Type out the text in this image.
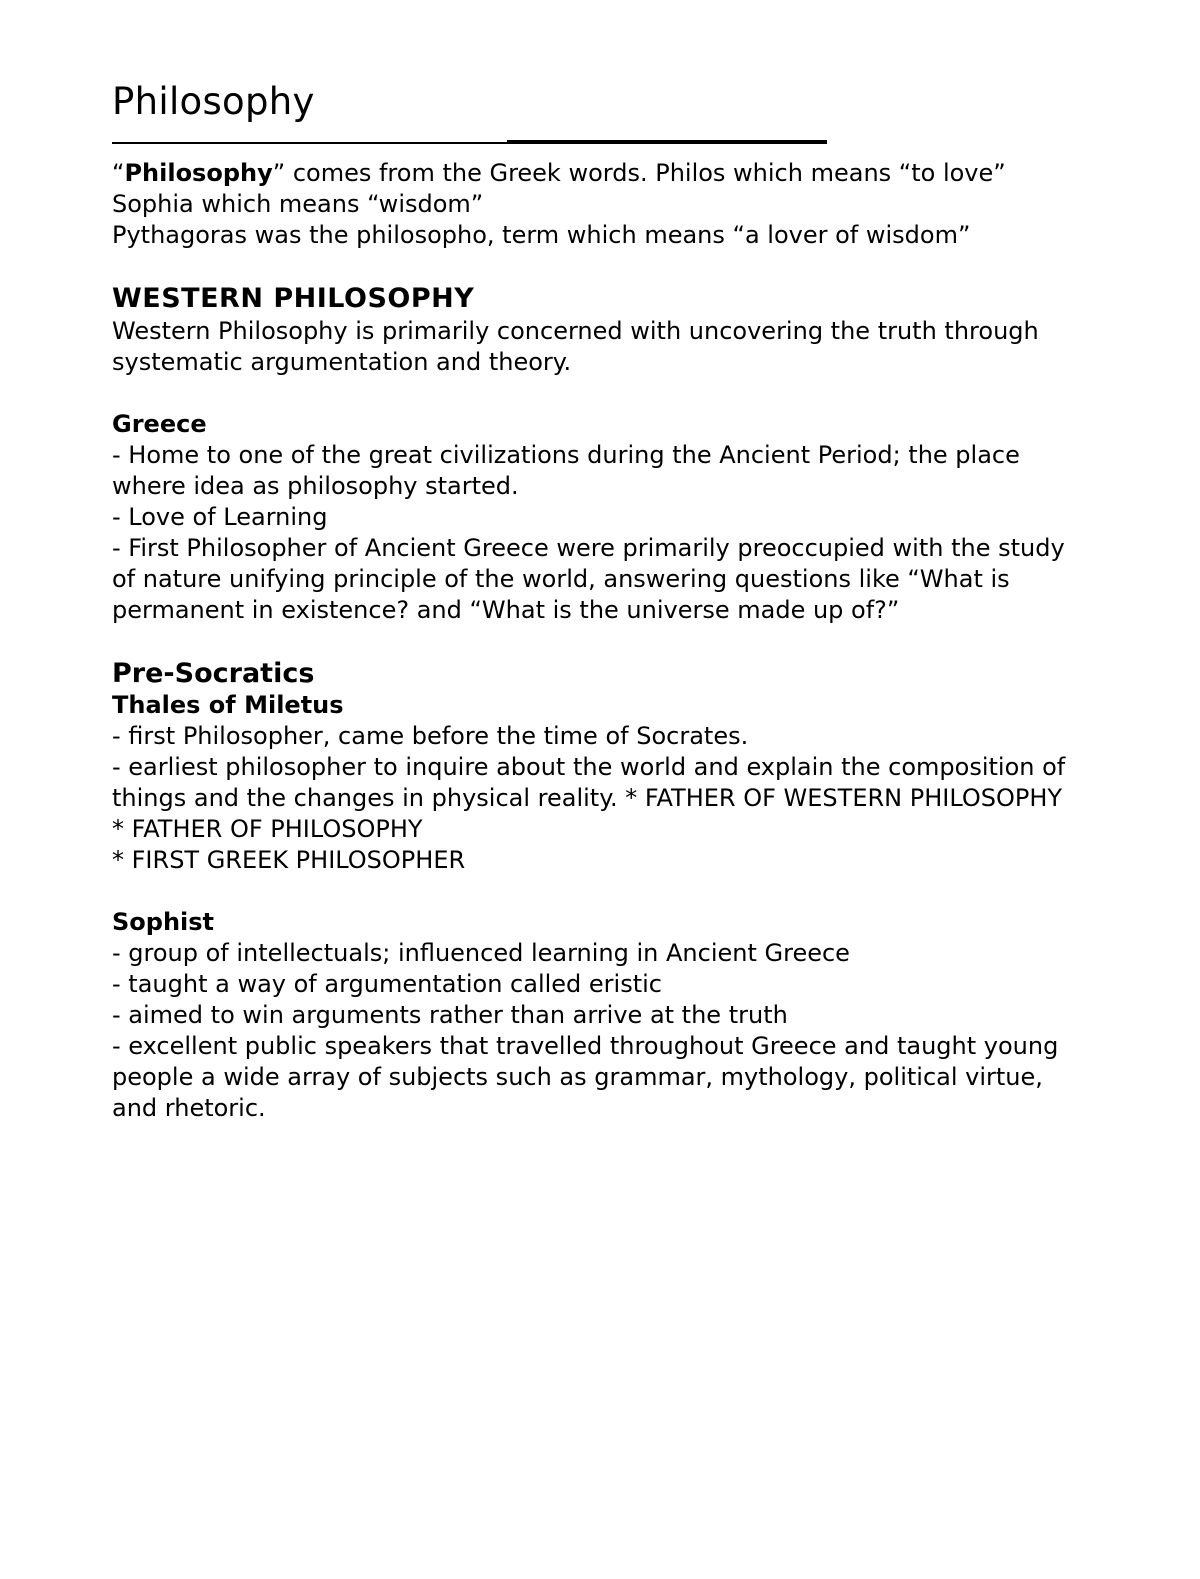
Philosophy

“Philosophy” comes from the Greek words. Philos which means “to love” Sophia which means “wisdom”

Pythagoras was the philosopho, term which means “a lover of wisdom”

WESTERN PHILOSOPHY

Western Philosophy is primarily concerned with uncovering the truth through systematic argumentation and theory.

Greece

- Home to one of the great civilizations during the Ancient Period; the place where idea as philosophy started.

- Love of Learning

- First Philosopher of Ancient Greece were primarily preoccupied with the study of nature unifying principle of the world, answering questions like “What is permanent in existence? and “What is the universe made up of?”

Pre-Socratics
Thales of Miletus

- first Philosopher, came before the time of Socrates.

- earliest philosopher to inquire about the world and explain the composition of things and the changes in physical reality. * FATHER OF WESTERN PHILOSOPHY

* FATHER OF PHILOSOPHY

* FIRST GREEK PHILOSOPHER

Sophist

- group of intellectuals; influenced learning in Ancient Greece

- taught a way of argumentation called eristic

- aimed to win arguments rather than arrive at the truth

- excellent public speakers that travelled throughout Greece and taught young people a wide array of subjects such as grammar, mythology, political virtue, and rhetoric.
